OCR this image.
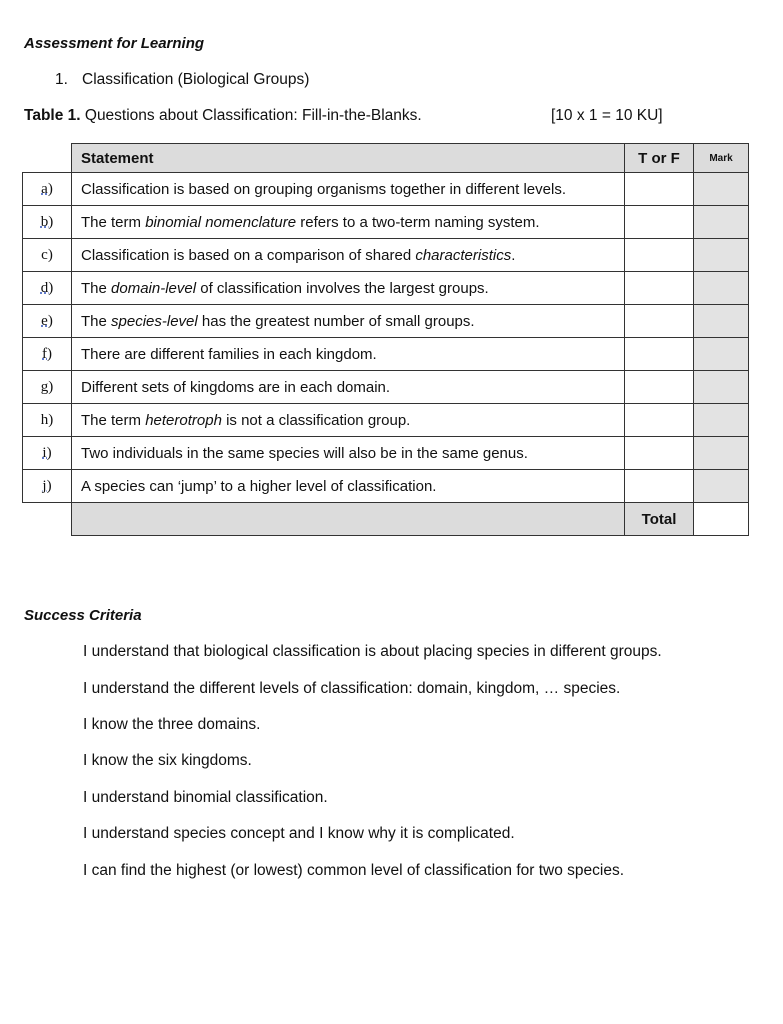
Assessment for Learning
1. Classification (Biological Groups)
Table 1. Questions about Classification: Fill-in-the-Blanks.	[10 x 1 = 10 KU]
	Statement	T or F	Mark
a)	Classification is based on grouping organisms together in different levels.		
b)	The term binomial nomenclature refers to a two-term naming system.		
c)	Classification is based on a comparison of shared characteristics.		
d)	The domain-level of classification involves the largest groups.		
e)	The species-level has the greatest number of small groups.		
f)	There are different families in each kingdom.		
g)	Different sets of kingdoms are in each domain.		
h)	The term heterotroph is not a classification group.		
i)	Two individuals in the same species will also be in the same genus.		
j)	A species can ‘jump’ to a higher level of classification.		
		Total	
Success Criteria
I understand that biological classification is about placing species in different groups.
I understand the different levels of classification: domain, kingdom, … species.
I know the three domains.
I know the six kingdoms.
I understand binomial classification.
I understand species concept and I know why it is complicated.
I can find the highest (or lowest) common level of classification for two species.
